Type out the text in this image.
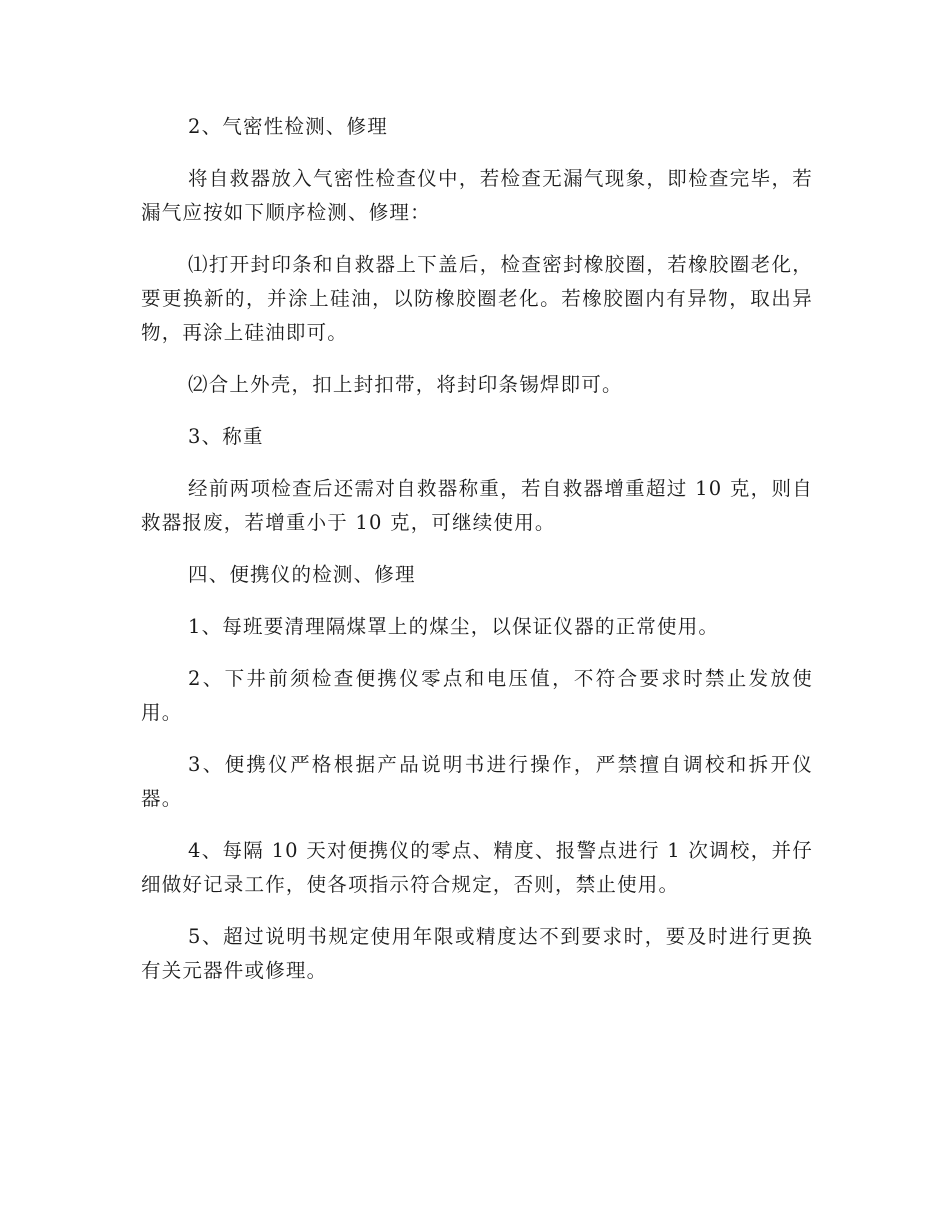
2、气密性检测、修理

将自救器放入气密性检查仪中，若检查无漏气现象，即检查完毕，若漏气应按如下顺序检测、修理：

⑴打开封印条和自救器上下盖后，检查密封橡胶圈，若橡胶圈老化，要更换新的，并涂上硅油，以防橡胶圈老化。若橡胶圈内有异物，取出异物，再涂上硅油即可。

⑵合上外壳，扣上封扣带，将封印条锡焊即可。

3、称重

经前两项检查后还需对自救器称重，若自救器增重超过 10 克，则自救器报废，若增重小于 10 克，可继续使用。

四、便携仪的检测、修理

1、每班要清理隔煤罩上的煤尘，以保证仪器的正常使用。

2、下井前须检查便携仪零点和电压值，不符合要求时禁止发放使用。

3、便携仪严格根据产品说明书进行操作，严禁擅自调校和拆开仪器。

4、每隔 10 天对便携仪的零点、精度、报警点进行 1 次调校，并仔细做好记录工作，使各项指示符合规定，否则，禁止使用。

5、超过说明书规定使用年限或精度达不到要求时，要及时进行更换有关元器件或修理。
